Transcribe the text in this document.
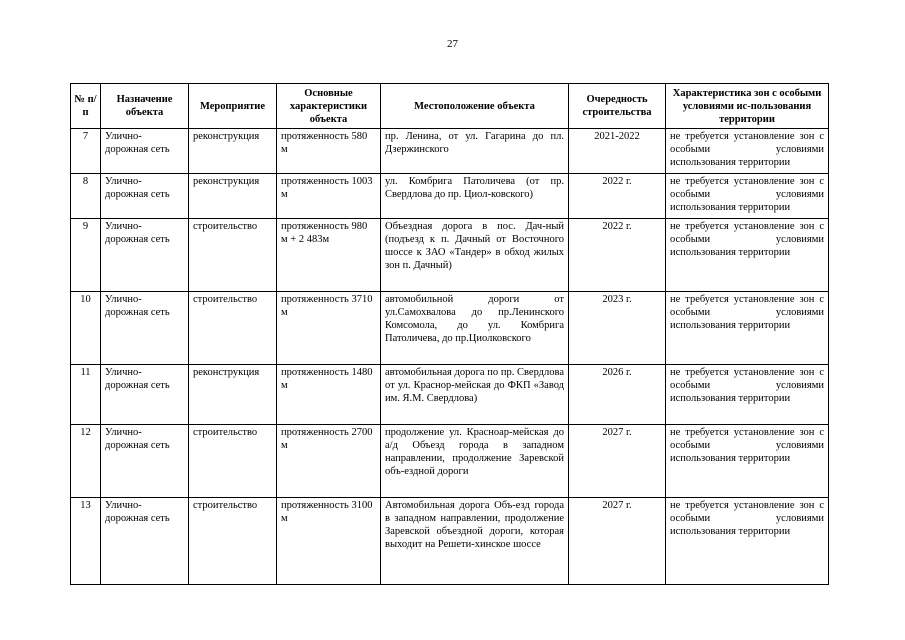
27
№ п/п	Назначение объекта	Мероприятие	Основные характеристики объекта	Местоположение объекта	Очередность строительства	Характеристика зон с особыми условиями ис-пользования территории
7	Улично-дорожная сеть	реконструкция	протяженность 580 м	пр. Ленина, от ул. Гагарина до пл. Дзержинского	2021-2022	не требуется установление зон с особыми условиями использования территории
8	Улично-дорожная сеть	реконструкция	протяженность 1003 м	ул. Комбрига Патоличева (от пр. Свердлова до пр. Циол-ковского)	2022 г.	не требуется установление зон с особыми условиями использования территории
9	Улично-дорожная сеть	строительство	протяженность 980 м + 2 483м	Объездная дорога в пос. Дач-ный (подъезд к п. Дачный от Восточного шоссе к ЗАО «Тандер» в обход жилых зон п. Дачный)	2022 г.	не требуется установление зон с особыми условиями использования территории
10	Улично-дорожная сеть	строительство	протяженность 3710 м	автомобильной дороги от ул.Самохвалова до пр.Ленинского Комсомола, до ул. Комбрига Патоличева, до пр.Циолковского	2023 г.	не требуется установление зон с особыми условиями использования территории
11	Улично-дорожная сеть	реконструкция	протяженность 1480 м	автомобильная дорога по пр. Свердлова от ул. Краснор-мейская до ФКП «Завод им. Я.М. Свердлова)	2026 г.	не требуется установление зон с особыми условиями использования территории
12	Улично-дорожная сеть	строительство	протяженность 2700 м	продолжение ул. Красноар-мейская до а/д Объезд города в западном направлении, продолжение Заревской объ-ездной дороги	2027 г.	не требуется установление зон с особыми условиями использования территории
13	Улично-дорожная сеть	строительство	протяженность 3100 м	Автомобильная дорога Объ-езд города в западном направлении, продолжение Заревской объездной дороги, которая выходит на Решети-хинское шоссе	2027 г.	не требуется установление зон с особыми условиями использования территории
